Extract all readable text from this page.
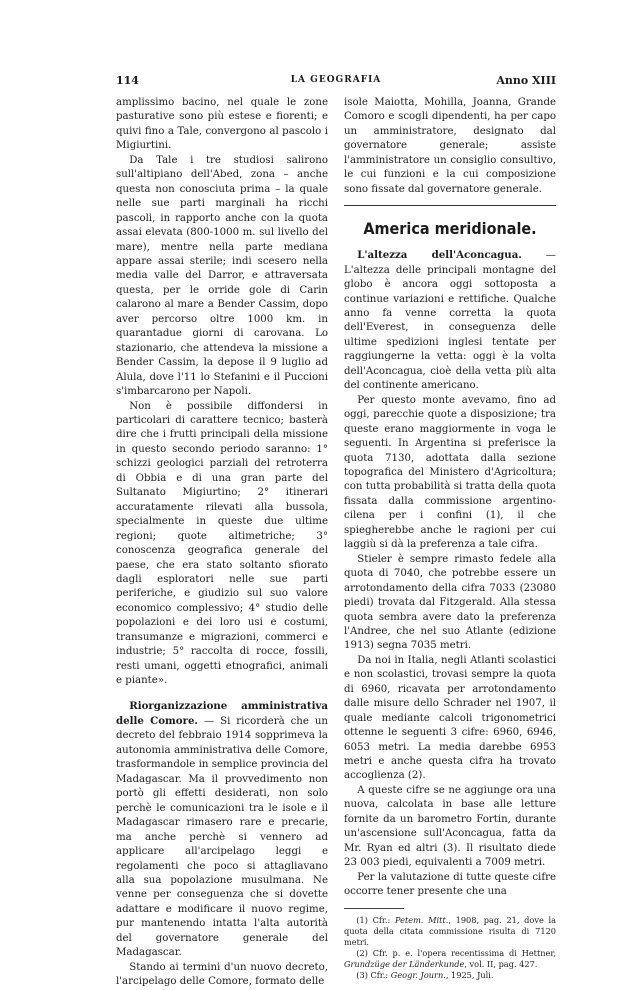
114	LA GEOGRAFIA	Anno XIII

amplissimo bacino, nel quale le zone pasturative sono più estese e fiorenti; e quivi fino a Tale, convergono al pascolo i Migiurtini.

Da Tale i tre studiosi salirono sull'altipiano dell'Abed, zona – anche questa non conosciuta prima – la quale nelle sue parti marginali ha ricchi pascoli, in rapporto anche con la quota assai elevata (800-1000 m. sul livello del mare), mentre nella parte mediana appare assai sterile; indi scesero nella media valle del Darror, e attraversata questa, per le orride gole di Carin calarono al mare a Bender Cassim, dopo aver percorso oltre 1000 km. in quarantadue giorni di carovana. Lo stazionario, che attendeva la missione a Bender Cassim, la depose il 9 luglio ad Alula, dove l'11 lo Stefanini e il Puccioni s'imbarcarono per Napoli.

Non è possibile diffondersi in particolari di carattere tecnico; basterà dire che i frutti principali della missione in questo secondo periodo saranno: 1° schizzi geologici parziali del retroterra di Obbia e di una gran parte del Sultanato Migiurtino; 2° itinerari accuratamente rilevati alla bussola, specialmente in queste due ultime regioni; quote altimetriche; 3° conoscenza geografica generale del paese, che era stato soltanto sfiorato dagli esploratori nelle sue parti periferiche, e giudizio sul suo valore economico complessivo; 4° studio delle popolazioni e dei loro usi e costumi, transumanze e migrazioni, commerci e industrie; 5° raccolta di rocce, fossili, resti umani, oggetti etnografici, animali e piante».

Riorganizzazione amministrativa delle Comore. — Si ricorderà che un decreto del febbraio 1914 sopprimeva la autonomia amministrativa delle Comore, trasformandole in semplice provincia del Madagascar. Ma il provvedimento non portò gli effetti desiderati, non solo perchè le comunicazioni tra le isole e il Madagascar rimasero rare e precarie, ma anche perchè si vennero ad applicare all'arcipelago leggi e regolamenti che poco si attagliavano alla sua popolazione musulmana. Ne venne per conseguenza che si dovette adattare e modificare il nuovo regime, pur mantenendo intatta l'alta autorità del governatore generale del Madagascar.

Stando ai termini d'un nuovo decreto, l'arcipelago delle Comore, formato delle

isole Maiotta, Mohilla, Joanna, Grande Comoro e scogli dipendenti, ha per capo un amministratore, designato dal governatore generale; assiste l'amministratore un consiglio consultivo, le cui funzioni e la cui composizione sono fissate dal governatore generale.

America meridionale.

L'altezza dell'Aconcagua. — L'altezza delle principali montagne del globo è ancora oggi sottoposta a continue variazioni e rettifiche. Qualche anno fa venne corretta la quota dell'Everest, in conseguenza delle ultime spedizioni inglesi tentate per raggiungerne la vetta: oggi è la volta dell'Aconcagua, cioè della vetta più alta del continente americano.

Per questo monte avevamo, fino ad oggi, parecchie quote a disposizione; tra queste erano maggiormente in voga le seguenti. In Argentina si preferisce la quota 7130, adottata dalla sezione topografica del Ministero d'Agricoltura; con tutta probabilità si tratta della quota fissata dalla commissione argentino-cilena per i confini (1), il che spiegherebbe anche le ragioni per cui laggiù si dà la preferenza a tale cifra.

Stieler è sempre rimasto fedele alla quota di 7040, che potrebbe essere un arrotondamento della cifra 7033 (23080 piedi) trovata dal Fitzgerald. Alla stessa quota sembra avere dato la preferenza l'Andree, che nel suo Atlante (edizione 1913) segna 7035 metri.

Da noi in Italia, negli Atlanti scolastici e non scolastici, trovasi sempre la quota di 6960, ricavata per arrotondamento dalle misure dello Schrader nel 1907, il quale mediante calcoli trigonometrici ottenne le seguenti 3 cifre: 6960, 6946, 6053 metri. La media darebbe 6953 metri e anche questa cifra ha trovato accoglienza (2).

A queste cifre se ne aggiunge ora una nuova, calcolata in base alle letture fornite da un barometro Fortin, durante un'ascensione sull'Aconcagua, fatta da Mr. Ryan ed altri (3). Il risultato diede 23 003 piedi, equivalenti a 7009 metri.

Per la valutazione di tutte queste cifre occorre tener presente che una

(1) Cfr.: Petem. Mitt., 1908, pag. 21, dove la quota della citata commissione risulta di 7120 metri.

(2) Cfr. p. e. l'opera recentissima di Hettner, Grundzüge der Länderkunde, vol. II, pag. 427.

(3) Cfr.: Geogr. Journ., 1925, Juli.
